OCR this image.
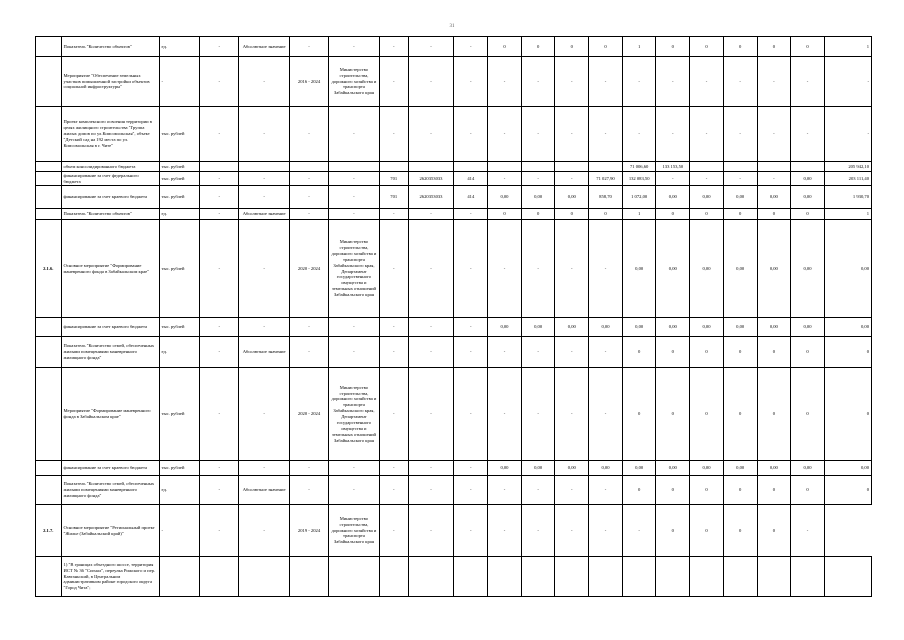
31
	Показатель "Количество объектов"	ед.	-	Абсолютное значение	-	-	-	-	-	0	0	0	0	1	0	0	0	0	0	1
	Мероприятие "Обеспечение земельных участков помышленной застройки объектов социальной инфраструктуры"	-	-	-	2016 - 2024	Министерство строительства, дорожного хозяйства и транспорта Забайкальского края	-	-	-	-	-	-	-	-	-	-	-	-	-	-
	Проект комплексного освоения территории в целях жилищного строительства "Группа жилых домов по ул.Комсомольская", объект "Детский сад на 192 места по ул. Комсомольская в г. Чите"	тыс. рублей	-	-	-	-	-	-	-	-	-	-	-	-	-	-	-	-	-	-
	объем консолидированного бюджета	тыс. рублей												71 006,60	133 153,50					205 942,10
	финансирование за счет федерального бюджета	тыс. рублей	-	-	-	-	701	2620353033	414	-	-	-	71 027,90	132 083,50	-	-	-	-	0,00	203 111,40
	финансирование за счет краевого бюджета	тыс. рублей	-	-	-	-	701	2620353033	414	0,00	0,00	0,00	858,70	1 072,00	0,00	0,00	0,00	0,00	0,00	1 930,70
	Показатель "Количество объектов"	ед.	-	Абсолютное значение	-	-	-	-	-	0	0	0	0	1	0	0	0	0	0	1
2.1.6.	Основное мероприятие "Формирование маневренного фонда в Забайкальском крае"	тыс. рублей	-	-	2020 - 2024	Министерство строительства, дорожного хозяйства и транспорта Забайкальского края, Департамент государственного имущества и земельных отношений Забайкальского края	-	-	-	-	-	-	-	0,00	0,00	0,00	0,00	0,00	0,00	0,00
	финансирование за счет краевого бюджета	тыс. рублей	-	-	-	-	-	-	-	0,00	0,00	0,00	0,00	0,00	0,00	0,00	0,00	0,00	0,00	0,00
	Показатель "Количество семей, обеспеченных жилыми помещениями маневренного жилищного фонда"	ед.	-	Абсолютное значение	-	-	-	-	-	-	-	-	-	0	0	0	0	0	0	0
	Мероприятие "Формирование маневренного фонда в Забайкальском крае"	тыс. рублей	-	-	2020 - 2024	Министерство строительства, дорожного хозяйства и транспорта Забайкальского края, Департамент государственного имущества и земельных отношений Забайкальского края	-	-	-	-	-	-	-	0	0	0	0	0	0	0
	финансирование за счет краевого бюджета	тыс. рублей	-	-	-	-	-	-	-	0,00	0,00	0,00	0,00	0,00	0,00	0,00	0,00	0,00	0,00	0,00
	Показатель "Количество семей, обеспеченных жилыми помещениями маневренного жилищного фонда"	ед.	-	Абсолютное значение	-	-	-	-	-	-	-	-	-	0	0	0	0	0	0	0
2.1.7.	Основное мероприятие "Региональный проект "Жилье (Забайкальский край)"	-	-	-	2019 - 2024	Министерство строительства, дорожного хозяйства и транспорта Забайкальского края	-	-	-	-	-	-	-	-	0	0	0	0	-	
	1) "В границах объездного шоссе, территория ИСТ № 36 "Сигнал", переулка Рижского и пер. Кавтаньский, в Центральном административном районе городского округа "Город Чита";																			
